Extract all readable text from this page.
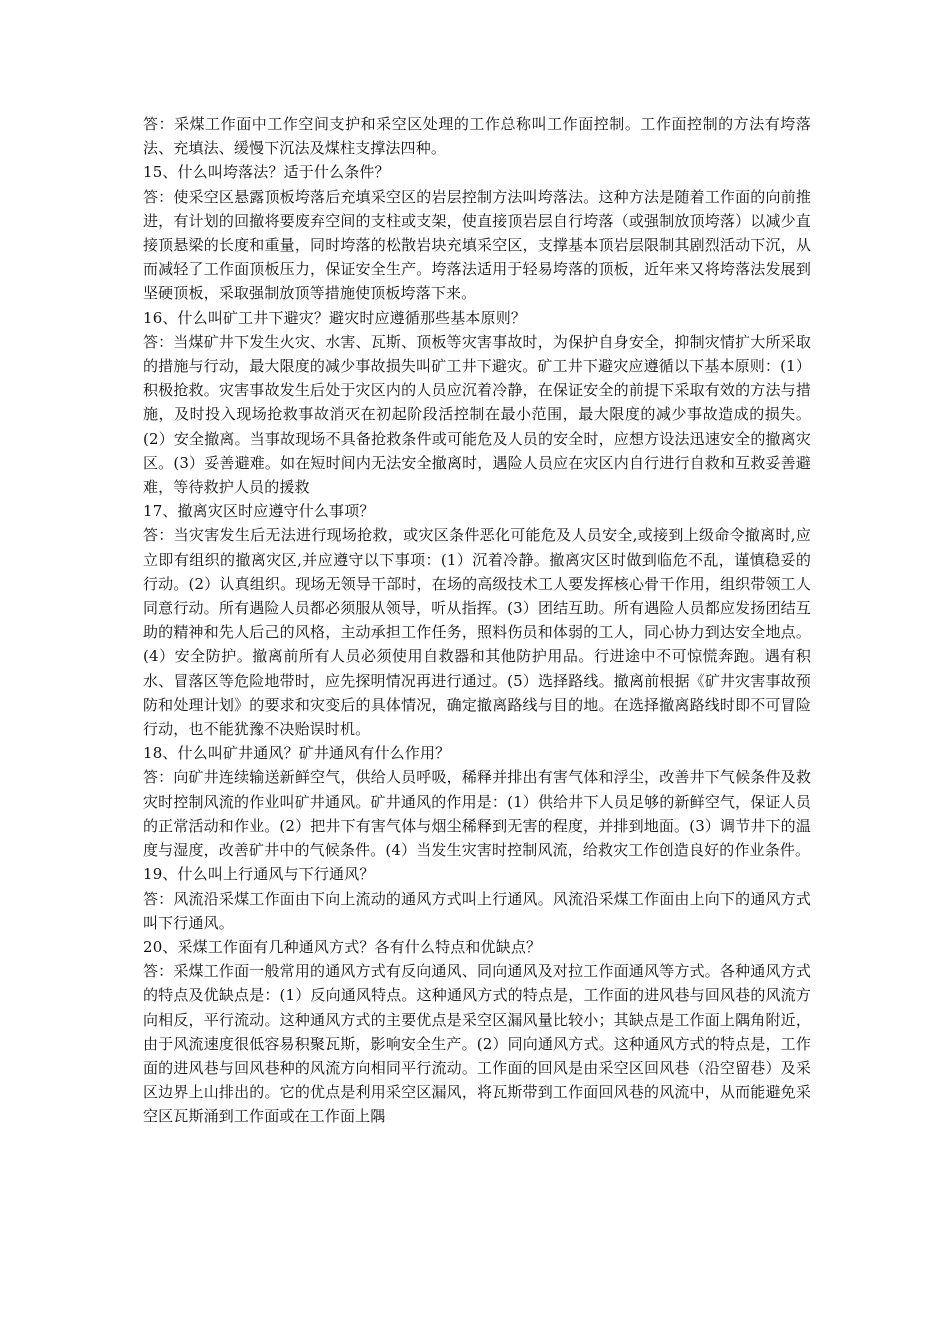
答：采煤工作面中工作空间支护和采空区处理的工作总称叫工作面控制。工作面控制的方法有垮落法、充填法、缓慢下沉法及煤柱支撑法四种。

15、什么叫垮落法？适于什么条件？

答：使采空区悬露顶板垮落后充填采空区的岩层控制方法叫垮落法。这种方法是随着工作面的向前推进，有计划的回撤将要废弃空间的支柱或支架，使直接顶岩层自行垮落（或强制放顶垮落）以减少直接顶悬梁的长度和重量，同时垮落的松散岩块充填采空区，支撑基本顶岩层限制其剧烈活动下沉，从而减轻了工作面顶板压力，保证安全生产。垮落法适用于轻易垮落的顶板，近年来又将垮落法发展到坚硬顶板，采取强制放顶等措施使顶板垮落下来。

16、什么叫矿工井下避灾？避灾时应遵循那些基本原则？

答：当煤矿井下发生火灾、水害、瓦斯、顶板等灾害事故时，为保护自身安全，抑制灾情扩大所采取的措施与行动，最大限度的减少事故损失叫矿工井下避灾。矿工井下避灾应遵循以下基本原则：(1）积极抢救。灾害事故发生后处于灾区内的人员应沉着冷静，在保证安全的前提下采取有效的方法与措施，及时投入现场抢救事故消灭在初起阶段活控制在最小范围，最大限度的减少事故造成的损失。(2）安全撤离。当事故现场不具备抢救条件或可能危及人员的安全时，应想方设法迅速安全的撤离灾区。(3）妥善避难。如在短时间内无法安全撤离时，遇险人员应在灾区内自行进行自救和互救妥善避难，等待救护人员的援救

17、撤离灾区时应遵守什么事项？

答：当灾害发生后无法进行现场抢救，或灾区条件恶化可能危及人员安全,或接到上级命令撤离时,应立即有组织的撤离灾区,并应遵守以下事项：(1）沉着冷静。撤离灾区时做到临危不乱，谨慎稳妥的行动。(2）认真组织。现场无领导干部时，在场的高级技术工人要发挥核心骨干作用，组织带领工人同意行动。所有遇险人员都必须服从领导，听从指挥。(3）团结互助。所有遇险人员都应发扬团结互助的精神和先人后己的风格，主动承担工作任务，照料伤员和体弱的工人，同心协力到达安全地点。(4）安全防护。撤离前所有人员必须使用自救器和其他防护用品。行进途中不可惊慌奔跑。遇有积水、冒落区等危险地带时，应先探明情况再进行通过。(5）选择路线。撤离前根据《矿井灾害事故预防和处理计划》的要求和灾变后的具体情况，确定撤离路线与目的地。在选择撤离路线时即不可冒险行动，也不能犹豫不决贻误时机。

18、什么叫矿井通风？矿井通风有什么作用？

答：向矿井连续输送新鲜空气，供给人员呼吸，稀释并排出有害气体和浮尘，改善井下气候条件及救灾时控制风流的作业叫矿井通风。矿井通风的作用是：(1）供给井下人员足够的新鲜空气，保证人员的正常活动和作业。(2）把井下有害气体与烟尘稀释到无害的程度，并排到地面。(3）调节井下的温度与湿度，改善矿井中的气候条件。(4）当发生灾害时控制风流，给救灾工作创造良好的作业条件。

19、什么叫上行通风与下行通风？

答：风流沿采煤工作面由下向上流动的通风方式叫上行通风。风流沿采煤工作面由上向下的通风方式叫下行通风。

20、采煤工作面有几种通风方式？各有什么特点和优缺点？

答：采煤工作面一般常用的通风方式有反向通风、同向通风及对拉工作面通风等方式。各种通风方式的特点及优缺点是：(1）反向通风特点。这种通风方式的特点是，工作面的进风巷与回风巷的风流方向相反，平行流动。这种通风方式的主要优点是采空区漏风量比较小；其缺点是工作面上隅角附近，由于风流速度很低容易积聚瓦斯，影响安全生产。(2）同向通风方式。这种通风方式的特点是，工作面的进风巷与回风巷种的风流方向相同平行流动。工作面的回风是由采空区回风巷（沿空留巷）及采区边界上山排出的。它的优点是利用采空区漏风，将瓦斯带到工作面回风巷的风流中，从而能避免采空区瓦斯涌到工作面或在工作面上隅
